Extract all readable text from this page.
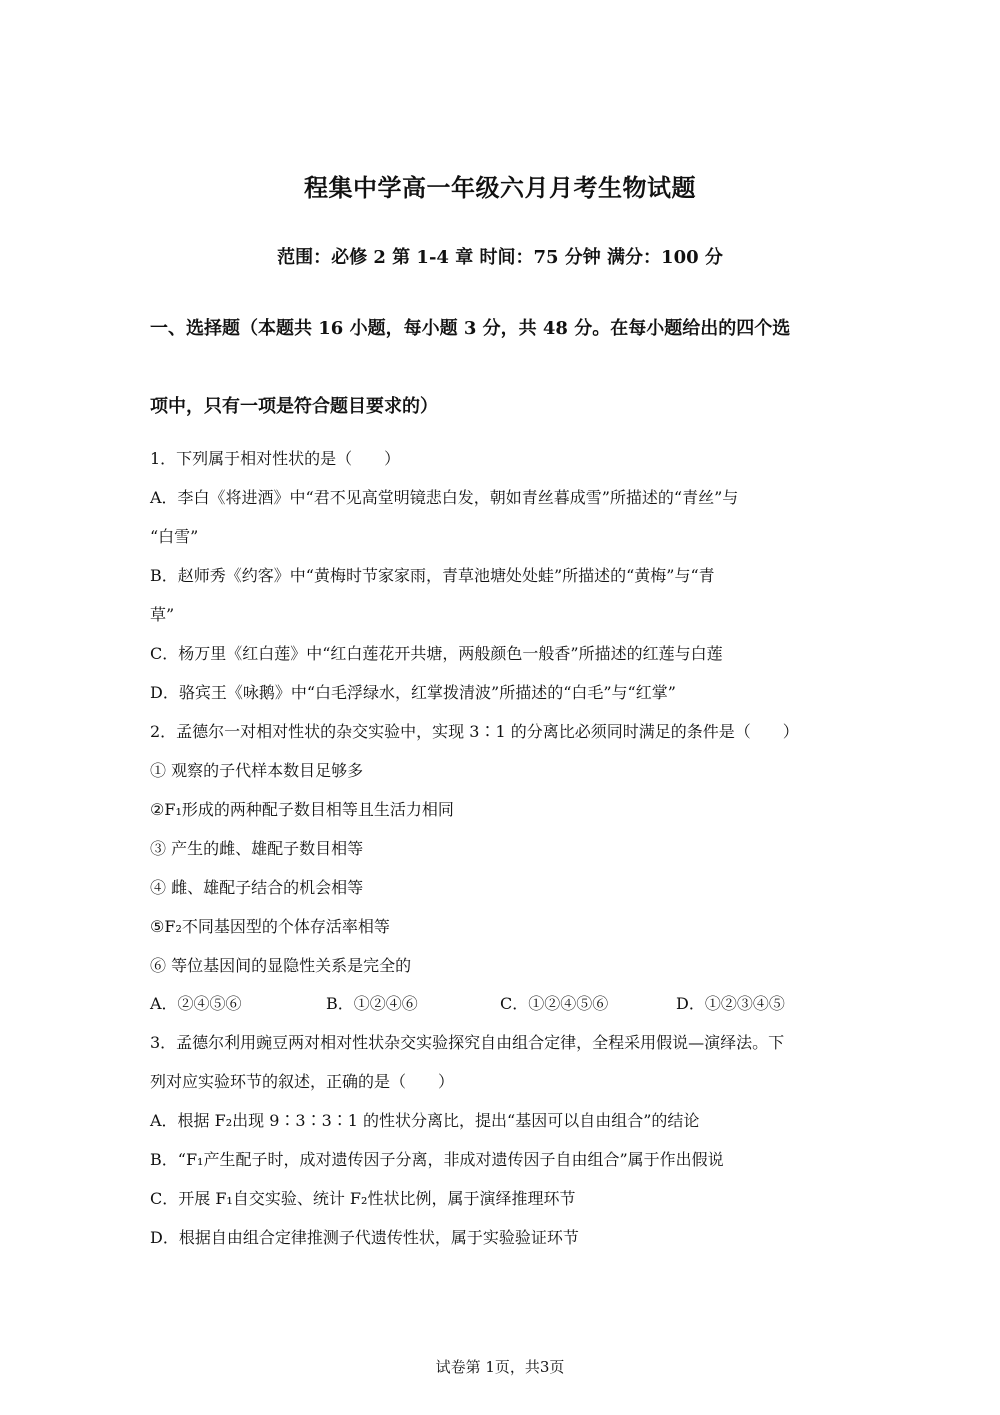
程集中学高一年级六月月考生物试题
范围：必修 2 第 1-4 章 时间：75 分钟 满分：100 分
一、选择题（本题共 16 小题，每小题 3 分，共 48 分。在每小题给出的四个选
项中，只有一项是符合题目要求的）
1．下列属于相对性状的是（　　）
A．李白《将进酒》中“君不见高堂明镜悲白发，朝如青丝暮成雪”所描述的“青丝”与
“白雪”
B．赵师秀《约客》中“黄梅时节家家雨，青草池塘处处蛙”所描述的“黄梅”与“青
草”
C．杨万里《红白莲》中“红白莲花开共塘，两般颜色一般香”所描述的红莲与白莲
D．骆宾王《咏鹅》中“白毛浮绿水，红掌拨清波”所描述的“白毛”与“红掌”
2．孟德尔一对相对性状的杂交实验中，实现 3∶1 的分离比必须同时满足的条件是（　　）
① 观察的子代样本数目足够多
②F₁形成的两种配子数目相等且生活力相同
③ 产生的雌、雄配子数目相等
④ 雌、雄配子结合的机会相等
⑤F₂不同基因型的个体存活率相等
⑥ 等位基因间的显隐性关系是完全的
A．②④⑤⑥	B．①②④⑥	C．①②④⑤⑥	D．①②③④⑤
3．孟德尔利用豌豆两对相对性状杂交实验探究自由组合定律，全程采用假说—演绎法。下
列对应实验环节的叙述，正确的是（　　）
A．根据 F₂出现 9∶3∶3∶1 的性状分离比，提出“基因可以自由组合”的结论
B．“F₁产生配子时，成对遗传因子分离，非成对遗传因子自由组合”属于作出假说
C．开展 F₁自交实验、统计 F₂性状比例，属于演绎推理环节
D．根据自由组合定律推测子代遗传性状，属于实验验证环节
试卷第 1页，共3页
